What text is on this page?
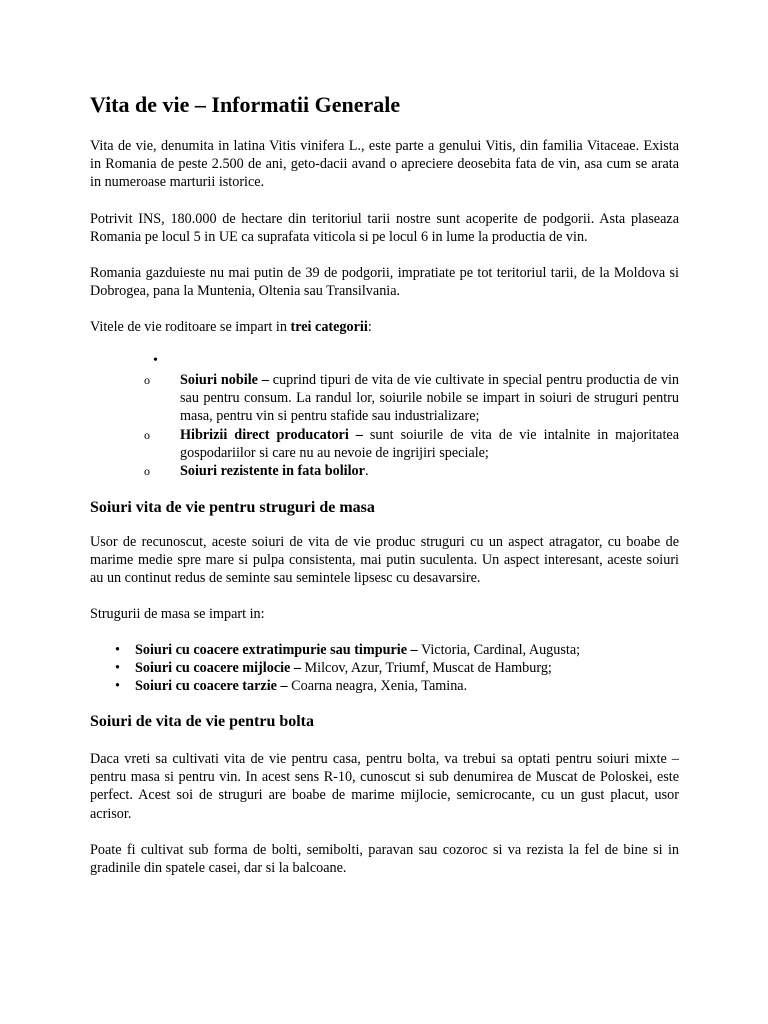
Vita de vie – Informatii Generale

Vita de vie, denumita in latina Vitis vinifera L., este parte a genului Vitis, din familia Vitaceae. Exista in Romania de peste 2.500 de ani, geto-dacii avand o apreciere deosebita fata de vin, asa cum se arata in numeroase marturii istorice.

Potrivit INS, 180.000 de hectare din teritoriul tarii nostre sunt acoperite de podgorii. Asta plaseaza Romania pe locul 5 in UE ca suprafata viticola si pe locul 6 in lume la productia de vin.

Romania gazduieste nu mai putin de 39 de podgorii, impratiate pe tot teritoriul tarii, de la Moldova si Dobrogea, pana la Muntenia, Oltenia sau Transilvania.

Vitele de vie roditoare se impart in trei categorii:

•
o Soiuri nobile – cuprind tipuri de vita de vie cultivate in special pentru productia de vin sau pentru consum. La randul lor, soiurile nobile se impart in soiuri de struguri pentru masa, pentru vin si pentru stafide sau industrializare;
o Hibrizii direct producatori – sunt soiurile de vita de vie intalnite in majoritatea gospodariilor si care nu au nevoie de ingrijiri speciale;
o Soiuri rezistente in fata bolilor.
Soiuri vita de vie pentru struguri de masa

Usor de recunoscut, aceste soiuri de vita de vie produc struguri cu un aspect atragator, cu boabe de marime medie spre mare si pulpa consistenta, mai putin suculenta. Un aspect interesant, aceste soiuri au un continut redus de seminte sau semintele lipsesc cu desavarsire.

Strugurii de masa se impart in:

• Soiuri cu coacere extratimpurie sau timpurie – Victoria, Cardinal, Augusta;
• Soiuri cu coacere mijlocie – Milcov, Azur, Triumf, Muscat de Hamburg;
• Soiuri cu coacere tarzie – Coarna neagra, Xenia, Tamina.
Soiuri de vita de vie pentru bolta

Daca vreti sa cultivati vita de vie pentru casa, pentru bolta, va trebui sa optati pentru soiuri mixte – pentru masa si pentru vin. In acest sens R-10, cunoscut si sub denumirea de Muscat de Poloskei, este perfect. Acest soi de struguri are boabe de marime mijlocie, semicrocante, cu un gust placut, usor acrisor.

Poate fi cultivat sub forma de bolti, semibolti, paravan sau cozoroc si va rezista la fel de bine si in gradinile din spatele casei, dar si la balcoane.
